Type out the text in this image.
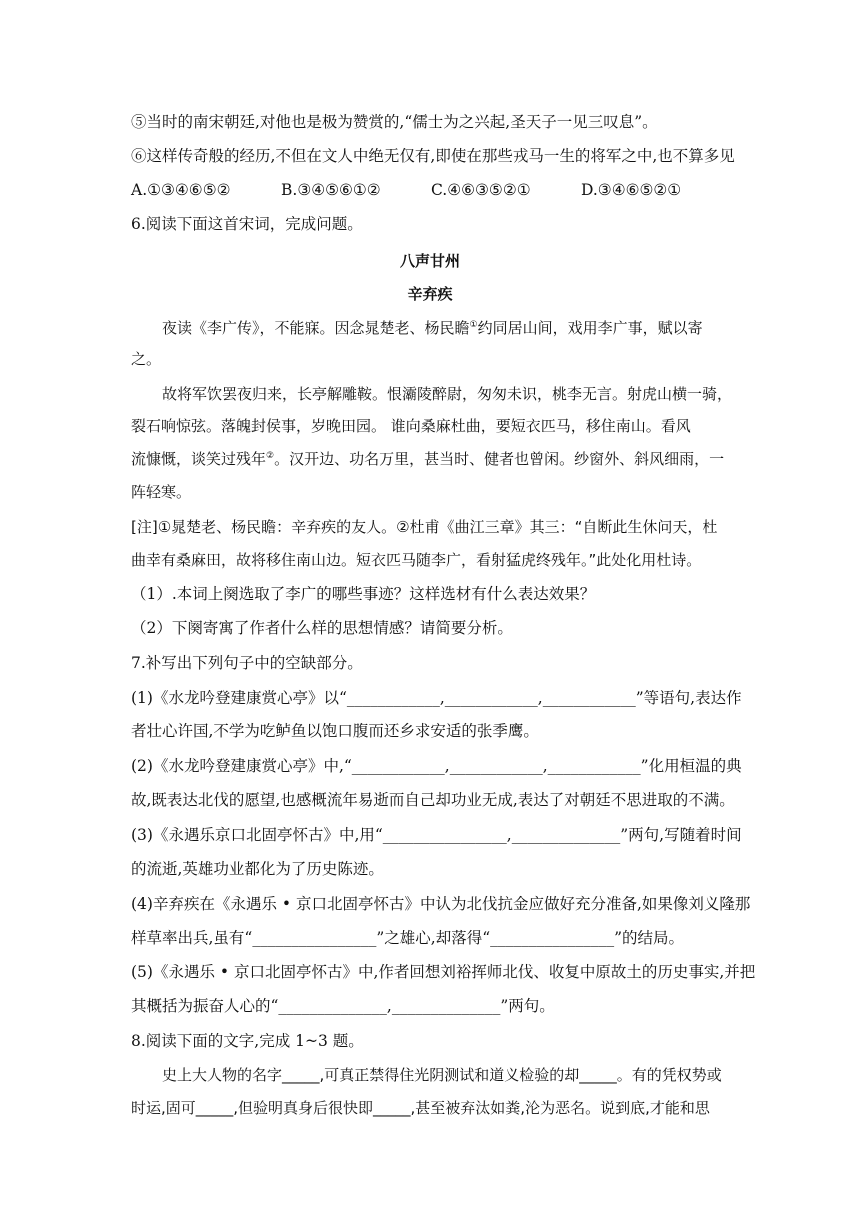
⑤当时的南宋朝廷,对他也是极为赞赏的,“儒士为之兴起,圣天子一见三叹息”。
⑥这样传奇般的经历,不但在文人中绝无仅有,即使在那些戎马一生的将军之中,也不算多见
A.①③④⑥⑤②	B.③④⑤⑥①②	C.④⑥③⑤②①	D.③④⑥⑤②①
6.阅读下面这首宋词，完成问题。
八声甘州
辛弃疾
夜读《李广传》，不能寐。因念晁楚老、杨民瞻①约同居山间，戏用李广事，赋以寄
之。
故将军饮罢夜归来，长亭解雕鞍。恨灞陵醉尉，匆匆未识，桃李无言。射虎山横一骑，
裂石响惊弦。落魄封侯事，岁晚田园。 谁向桑麻杜曲，要短衣匹马，移住南山。看风
流慷慨，谈笑过残年②。汉开边、功名万里，甚当时、健者也曾闲。纱窗外、斜风细雨，一
阵轻寒。
[注]①晁楚老、杨民瞻：辛弃疾的友人。②杜甫《曲江三章》其三：“自断此生休问天，杜
曲幸有桑麻田，故将移住南山边。短衣匹马随李广，看射猛虎终残年。”此处化用杜诗。
（1）.本词上阕选取了李广的哪些事迹？这样选材有什么表达效果？
（2）下阕寄寓了作者什么样的思想情感？请简要分析。
7.补写出下列句子中的空缺部分。
(1)《水龙吟登建康赏心亭》以“____________,____________,____________”等语句,表达作
者壮心许国,不学为吃鲈鱼以饱口腹而还乡求安适的张季鹰。
(2)《水龙吟登建康赏心亭》中,“____________,____________,____________”化用桓温的典
故,既表达北伐的愿望,也感概流年易逝而自己却功业无成,表达了对朝廷不思进取的不满。
(3)《永遇乐京口北固亭怀古》中,用“________________,______________”两句,写随着时间
的流逝,英雄功业都化为了历史陈迹。
(4)辛弃疾在《永遇乐 • 京口北固亭怀古》中认为北伐抗金应做好充分准备,如果像刘义隆那
样草率出兵,虽有“________________”之雄心,却落得“________________”的结局。
(5)《永遇乐 • 京口北固亭怀古》中,作者回想刘裕挥师北伐、收复中原故土的历史事实,并把
其概括为振奋人心的“______________,______________”两句。
8.阅读下面的文字,完成 1~3 题。
史上大人物的名字_____,可真正禁得住光阴测试和道义检验的却_____。有的凭权势或
时运,固可_____,但验明真身后很快即_____,甚至被弃汰如粪,沦为恶名。说到底,才能和思
